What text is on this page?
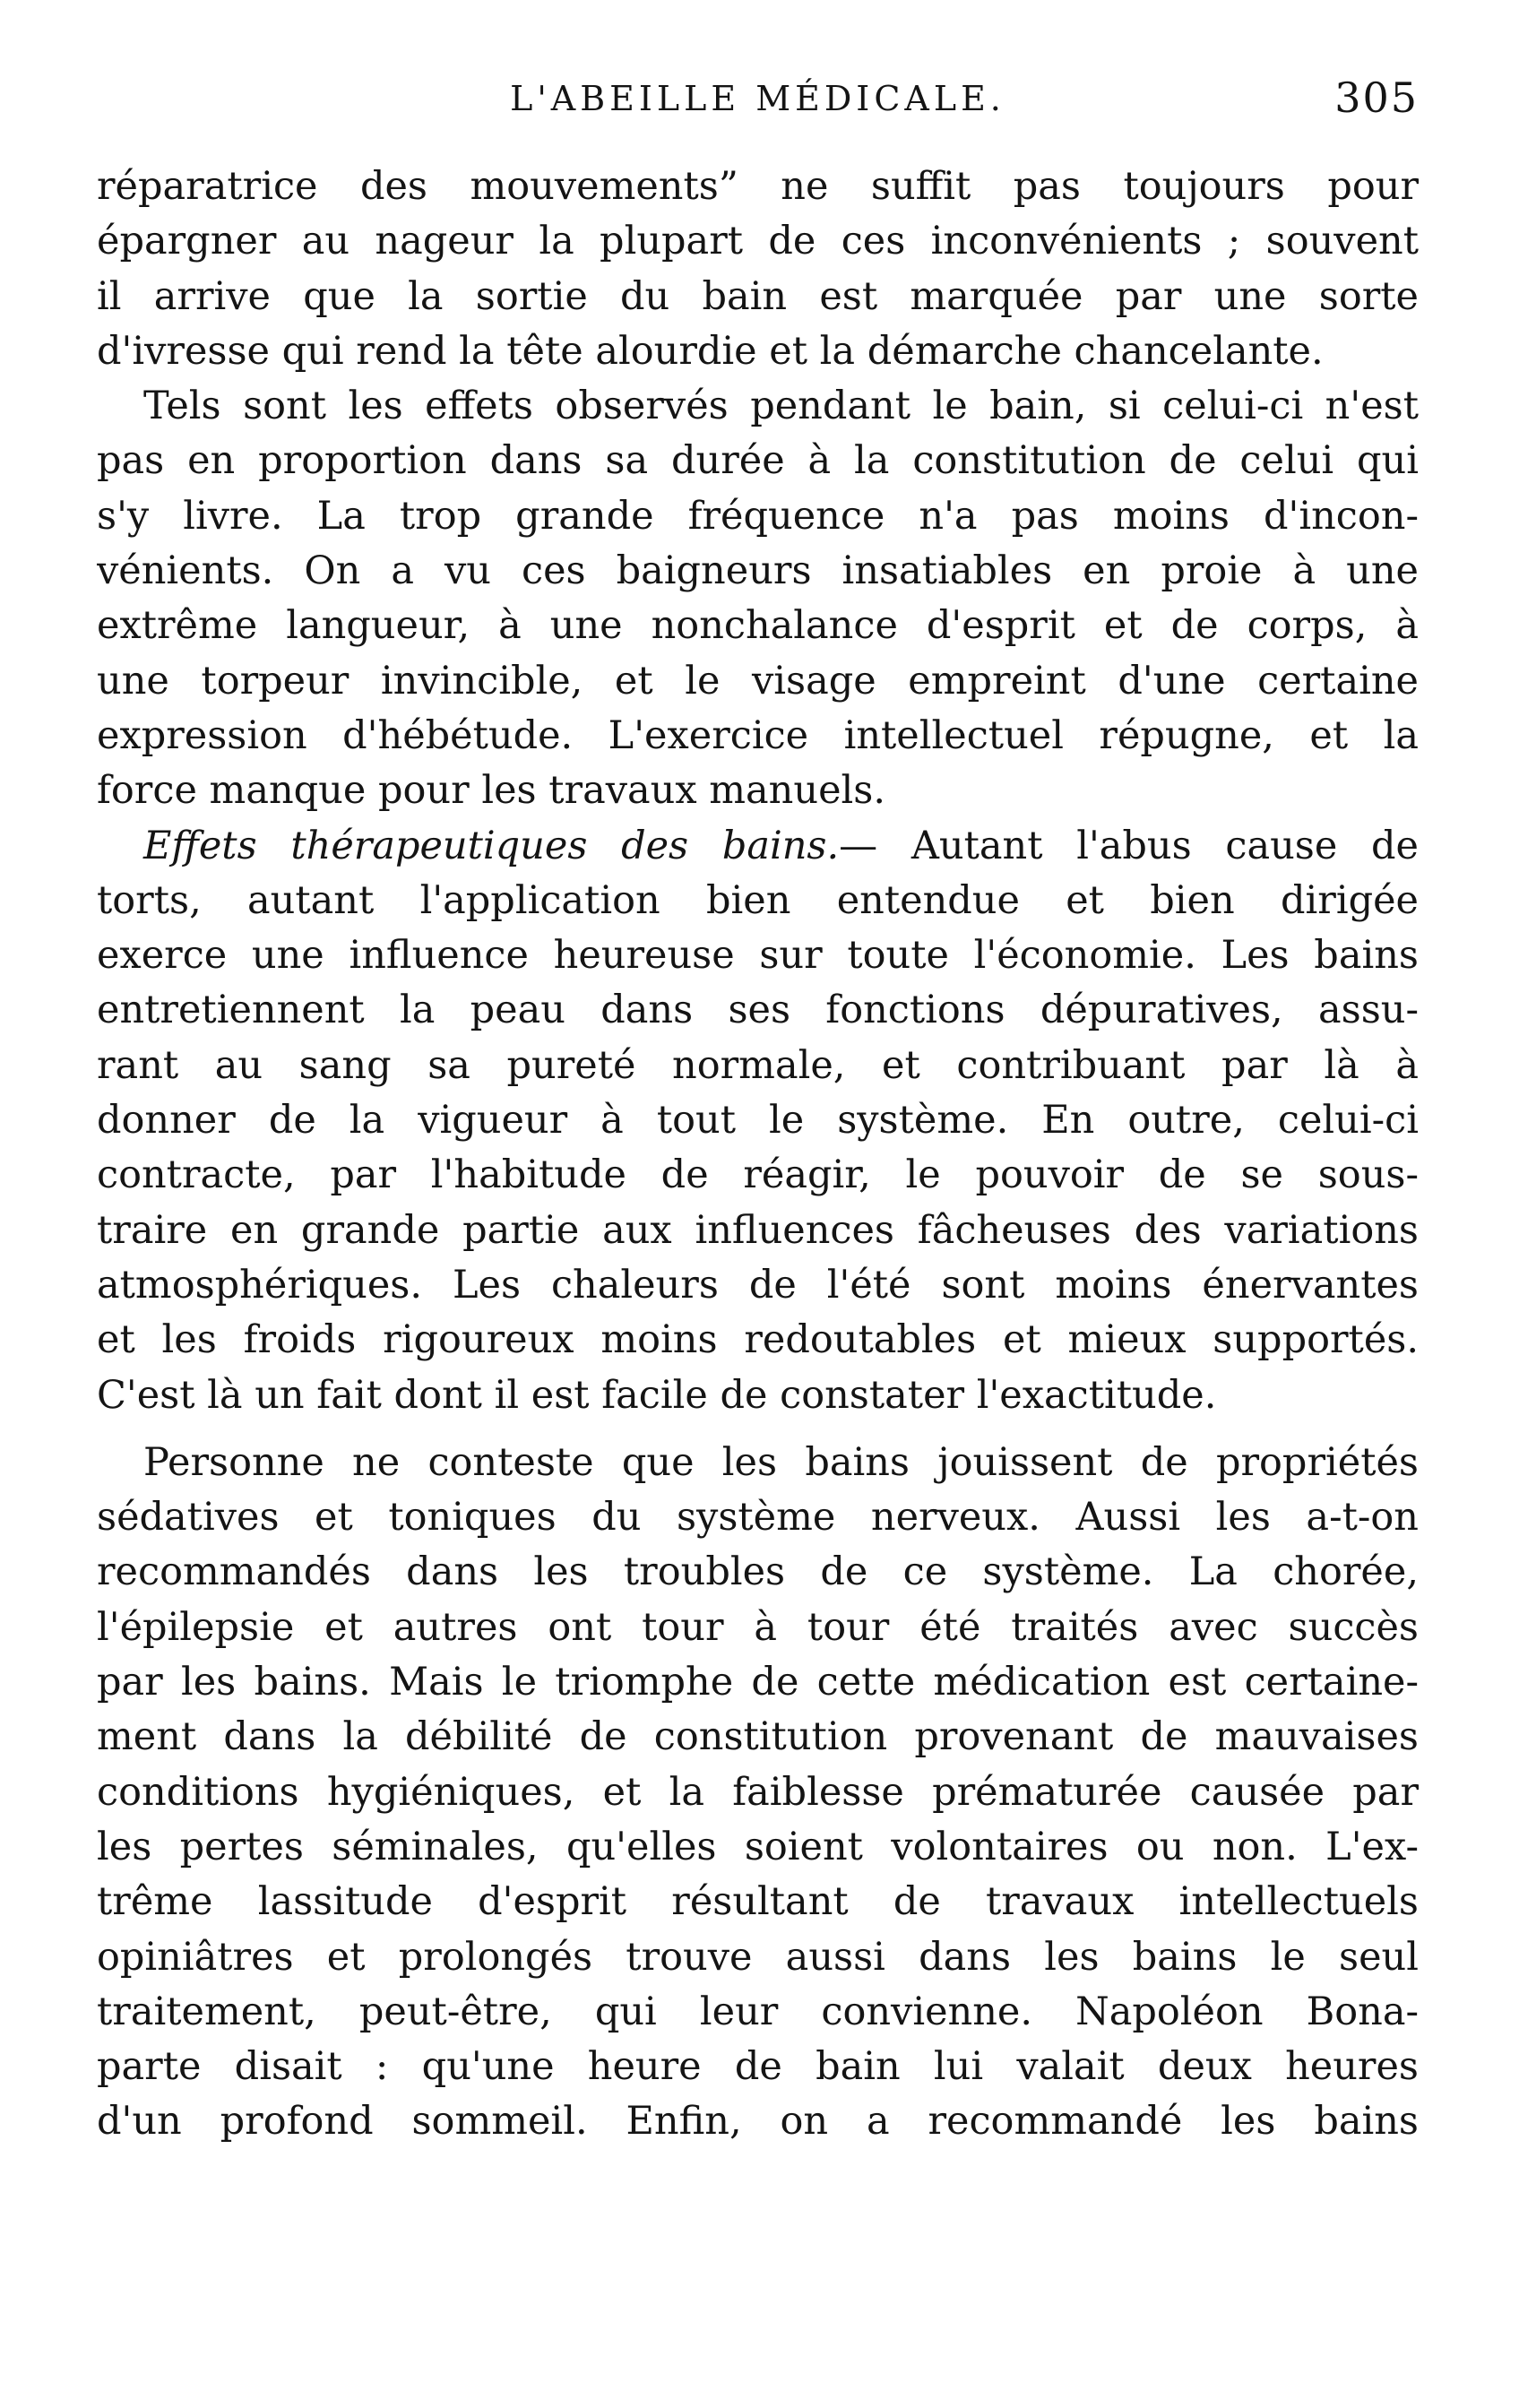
L'ABEILLE MÉDICALE.	305
réparatrice des mouvements” ne suffit pas toujours pour
épargner au nageur la plupart de ces inconvénients ; souvent
il arrive que la sortie du bain est marquée par une sorte
d'ivresse qui rend la tête alourdie et la démarche chancelante.
Tels sont les effets observés pendant le bain, si celui-ci n'est
pas en proportion dans sa durée à la constitution de celui qui
s'y livre. La trop grande fréquence n'a pas moins d'incon-
vénients. On a vu ces baigneurs insatiables en proie à une
extrême langueur, à une nonchalance d'esprit et de corps, à
une torpeur invincible, et le visage empreint d'une certaine
expression d'hébétude. L'exercice intellectuel répugne, et la
force manque pour les travaux manuels.
Effets thérapeutiques des bains.— Autant l'abus cause de
torts, autant l'application bien entendue et bien dirigée
exerce une influence heureuse sur toute l'économie. Les bains
entretiennent la peau dans ses fonctions dépuratives, assu-
rant au sang sa pureté normale, et contribuant par là à
donner de la vigueur à tout le système. En outre, celui-ci
contracte, par l'habitude de réagir, le pouvoir de se sous-
traire en grande partie aux influences fâcheuses des variations
atmosphériques. Les chaleurs de l'été sont moins énervantes
et les froids rigoureux moins redoutables et mieux supportés.
C'est là un fait dont il est facile de constater l'exactitude.
Personne ne conteste que les bains jouissent de propriétés
sédatives et toniques du système nerveux. Aussi les a-t-on
recommandés dans les troubles de ce système. La chorée,
l'épilepsie et autres ont tour à tour été traités avec succès
par les bains. Mais le triomphe de cette médication est certaine-
ment dans la débilité de constitution provenant de mauvaises
conditions hygiéniques, et la faiblesse prématurée causée par
les pertes séminales, qu'elles soient volontaires ou non. L'ex-
trême lassitude d'esprit résultant de travaux intellectuels
opiniâtres et prolongés trouve aussi dans les bains le seul
traitement, peut-être, qui leur convienne. Napoléon Bona-
parte disait : qu'une heure de bain lui valait deux heures
d'un profond sommeil. Enfin, on a recommandé les bains
